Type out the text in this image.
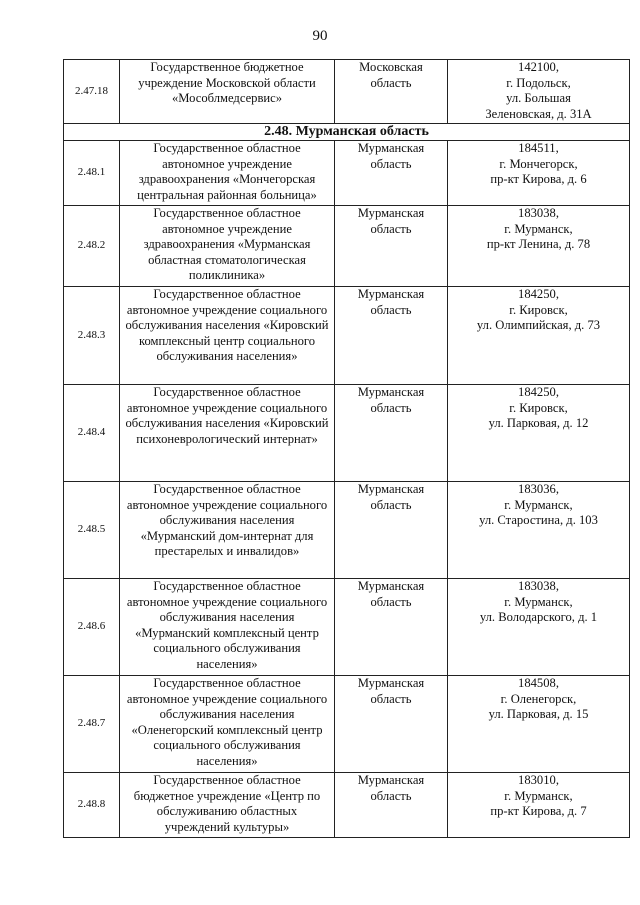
90
2.47.18	Государственное бюджетное учреждение Московской области «Мособлмедсервис»	Московская область	142100,
г. Подольск,
ул. Большая
Зеленовская, д. 31А

2.48. Мурманская область			
2.48.1	Государственное областное автономное учреждение здравоохранения «Мончегорская центральная районная больница»	Мурманская область	184511,
г. Мончегорск,
пр-кт Кирова, д. 6

2.48.2	Государственное областное автономное учреждение здравоохранения «Мурманская областная стоматологическая поликлиника»	Мурманская область	183038,
г. Мурманск,
пр-кт Ленина, д. 78

2.48.3	Государственное областное автономное учреждение социального обслуживания населения «Кировский комплексный центр социального обслуживания населения»	Мурманская область	184250,
г. Кировск,
ул. Олимпийская, д. 73

2.48.4	Государственное областное автономное учреждение социального обслуживания населения «Кировский психоневрологический интернат»	Мурманская область	184250,
г. Кировск,
ул. Парковая, д. 12

2.48.5	Государственное областное автономное учреждение социального обслуживания населения «Мурманский дом-интернат для престарелых и инвалидов»	Мурманская область	183036,
г. Мурманск,
ул. Старостина, д. 103

2.48.6	Государственное областное автономное учреждение социального обслуживания населения «Мурманский комплексный центр социального обслуживания населения»	Мурманская область	183038,
г. Мурманск,
ул. Володарского, д. 1

2.48.7	Государственное областное автономное учреждение социального обслуживания населения «Оленегорский комплексный центр социального обслуживания населения»	Мурманская область	184508,
г. Оленегорск,
ул. Парковая, д. 15

2.48.8	Государственное областное бюджетное учреждение «Центр по обслуживанию областных учреждений культуры»	Мурманская область	183010,
г. Мурманск,
пр-кт Кирова, д. 7
